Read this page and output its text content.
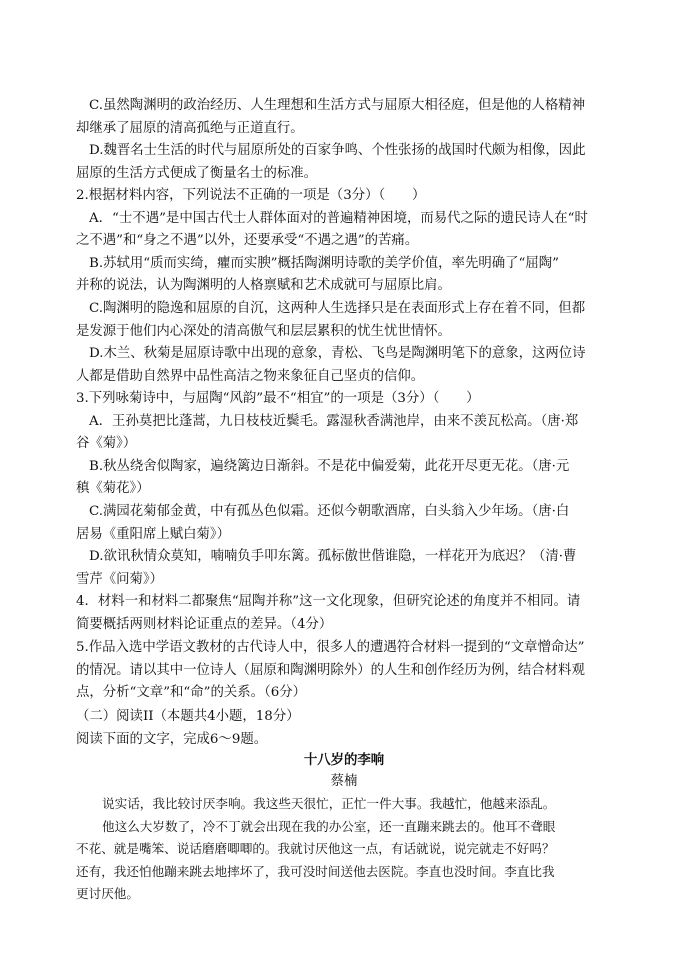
C.虽然陶渊明的政治经历、人生理想和生活方式与屈原大相径庭，但是他的人格精神
却继承了屈原的清高孤绝与正道直行。
D.魏晋名士生活的时代与屈原所处的百家争鸣、个性张扬的战国时代颇为相像，因此
屈原的生活方式便成了衡量名士的标准。
2.根据材料内容，下列说法不正确的一项是（3分）（　　）
A．“士不遇”是中国古代士人群体面对的普遍精神困境，而易代之际的遗民诗人在“时
之不遇”和“身之不遇”以外，还要承受“不遇之遇”的苦痛。
B.苏轼用“质而实绮，癯而实腴”概括陶渊明诗歌的美学价值，率先明确了“屈陶”
并称的说法，认为陶渊明的人格禀赋和艺术成就可与屈原比肩。
C.陶渊明的隐逸和屈原的自沉，这两种人生选择只是在表面形式上存在着不同，但都
是发源于他们内心深处的清高傲气和层层累积的忧生忧世情怀。
D.木兰、秋菊是屈原诗歌中出现的意象，青松、飞鸟是陶渊明笔下的意象，这两位诗
人都是借助自然界中品性高洁之物来象征自己坚贞的信仰。
3.下列咏菊诗中，与屈陶“风韵”最不“相宜”的一项是（3分）（　　）
A．王孙莫把比蓬蒿，九日枝枝近鬓毛。露湿秋香满池岸，由来不羡瓦松高。（唐·郑
谷《菊》）
B.秋丛绕舍似陶家，遍绕篱边日渐斜。不是花中偏爱菊，此花开尽更无花。（唐·元
稹《菊花》）
C.满园花菊郁金黄，中有孤丛色似霜。还似今朝歌酒席，白头翁入少年场。（唐·白
居易《重阳席上赋白菊》）
D.欲讯秋情众莫知，喃喃负手叩东篱。孤标傲世偕谁隐，一样花开为底迟？（清·曹
雪芹《问菊》）
4．材料一和材料二都聚焦“屈陶并称”这一文化现象，但研究论述的角度并不相同。请
简要概括两则材料论证重点的差异。（4分）
5.作品入选中学语文教材的古代诗人中，很多人的遭遇符合材料一提到的“文章憎命达”
的情况。请以其中一位诗人（屈原和陶渊明除外）的人生和创作经历为例，结合材料观
点，分析“文章”和“命”的关系。（6分）
（二）阅读II（本题共4小题，18分）
阅读下面的文字，完成6～9题。
十八岁的李响
蔡楠
说实话，我比较讨厌李响。我这些天很忙，正忙一件大事。我越忙，他越来添乱。
他这么大岁数了，冷不丁就会出现在我的办公室，还一直蹦来跳去的。他耳不聋眼
不花、就是嘴笨、说话磨磨唧唧的。我就讨厌他这一点，有话就说，说完就走不好吗？
还有，我还怕他蹦来跳去地摔坏了，我可没时间送他去医院。李直也没时间。李直比我
更讨厌他。
